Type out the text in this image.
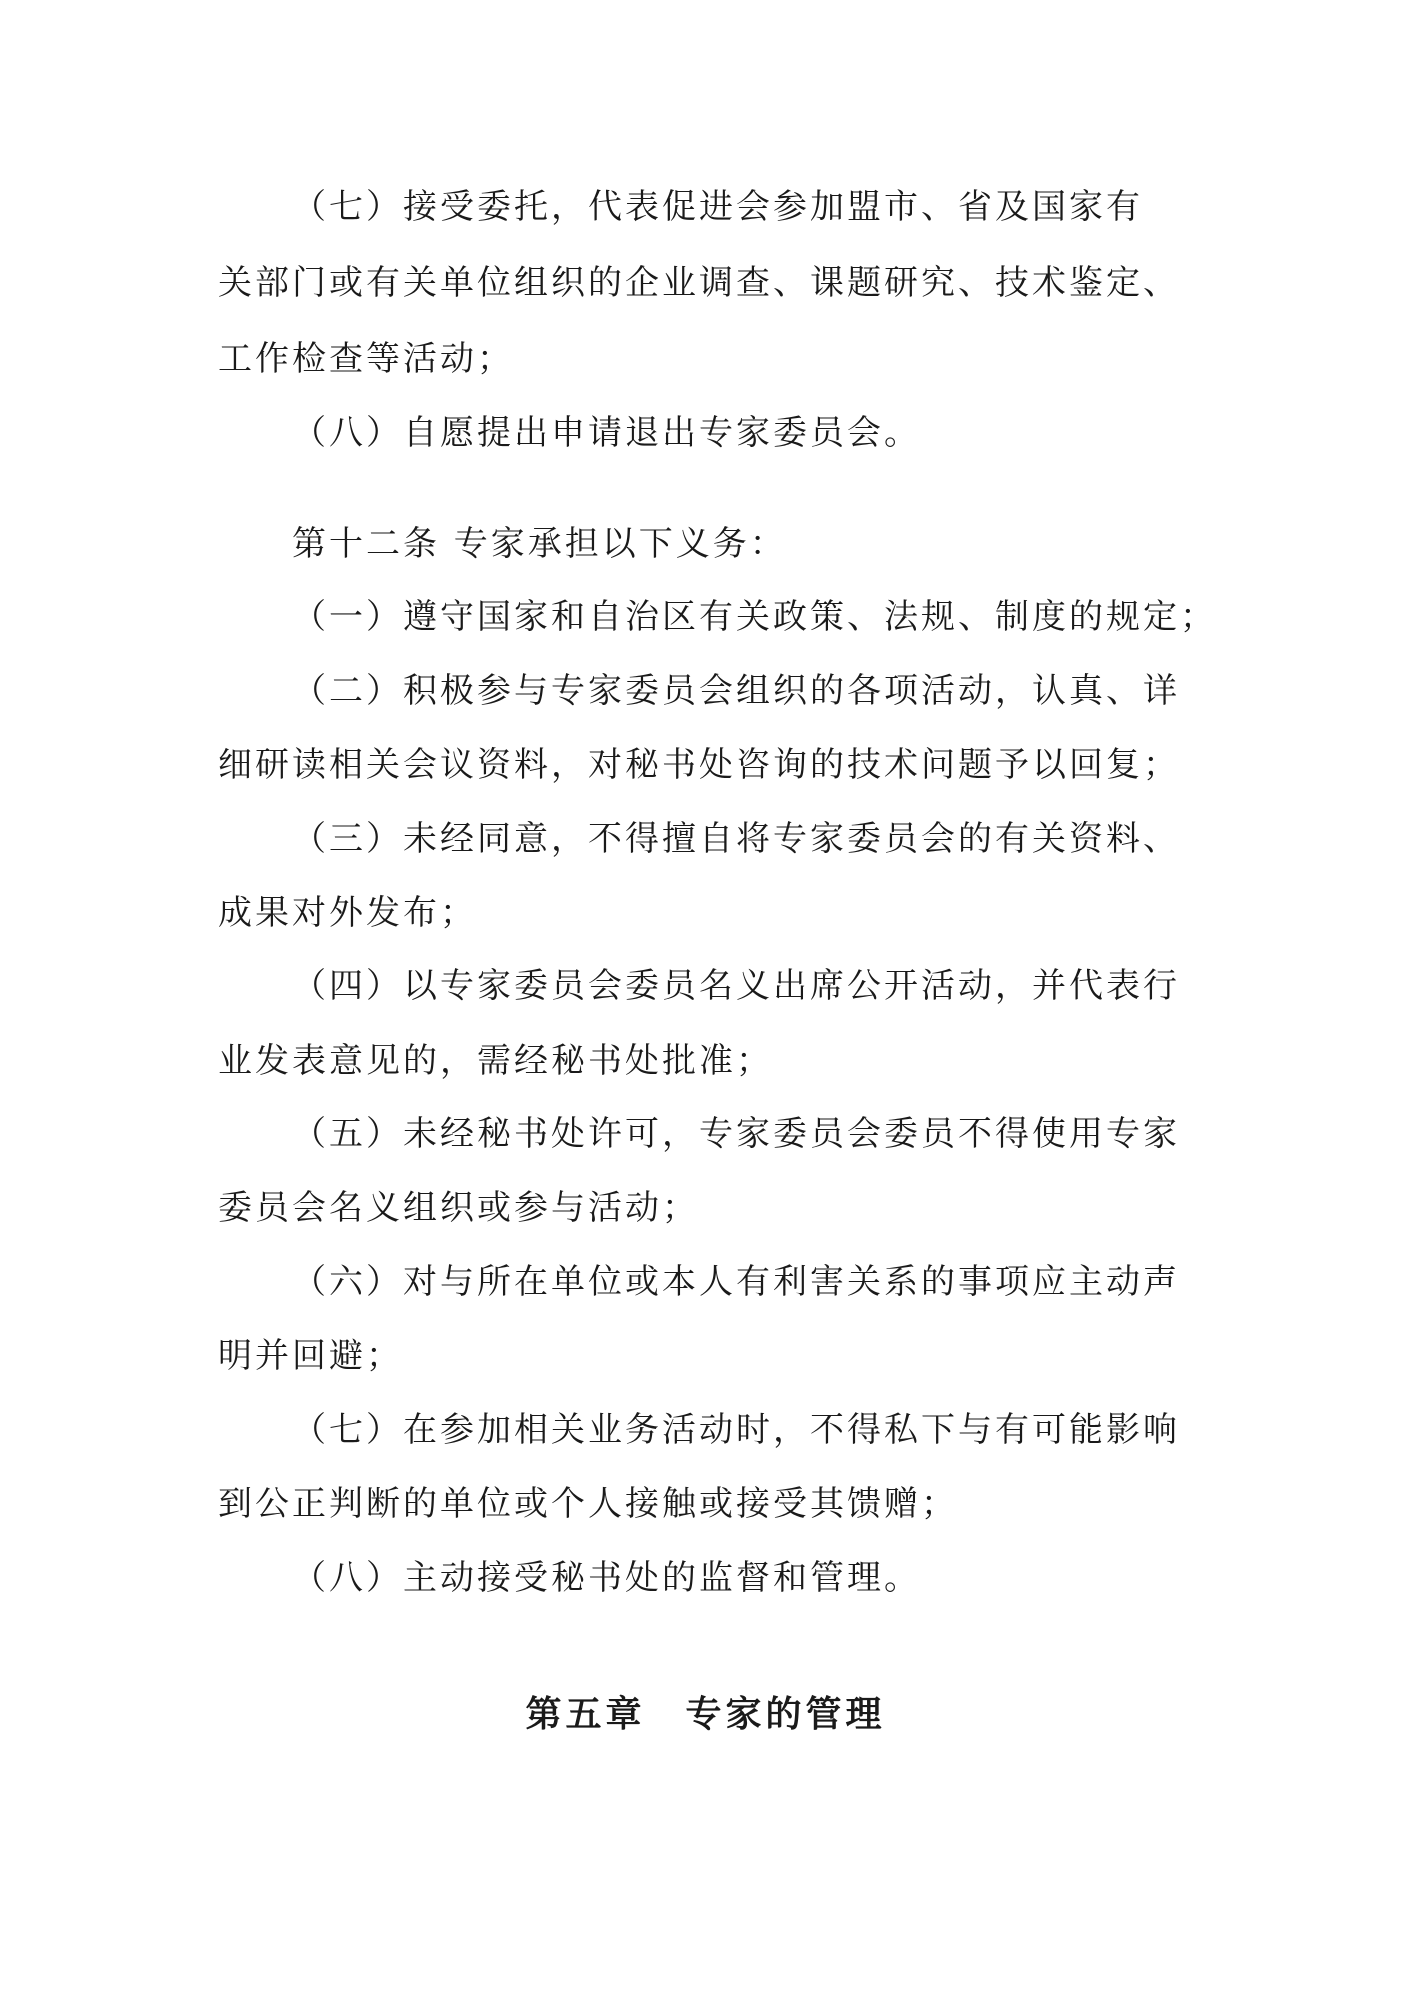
（七）接受委托，代表促进会参加盟市、省及国家有
关部门或有关单位组织的企业调查、课题研究、技术鉴定、
工作检查等活动；
（八）自愿提出申请退出专家委员会。
第十二条 专家承担以下义务：
（一）遵守国家和自治区有关政策、法规、制度的规定；
（二）积极参与专家委员会组织的各项活动，认真、详
细研读相关会议资料，对秘书处咨询的技术问题予以回复；
（三）未经同意，不得擅自将专家委员会的有关资料、
成果对外发布；
（四）以专家委员会委员名义出席公开活动，并代表行
业发表意见的，需经秘书处批准；
（五）未经秘书处许可，专家委员会委员不得使用专家
委员会名义组织或参与活动；
（六）对与所在单位或本人有利害关系的事项应主动声
明并回避；
（七）在参加相关业务活动时，不得私下与有可能影响
到公正判断的单位或个人接触或接受其馈赠；
（八）主动接受秘书处的监督和管理。
第五章　专家的管理
